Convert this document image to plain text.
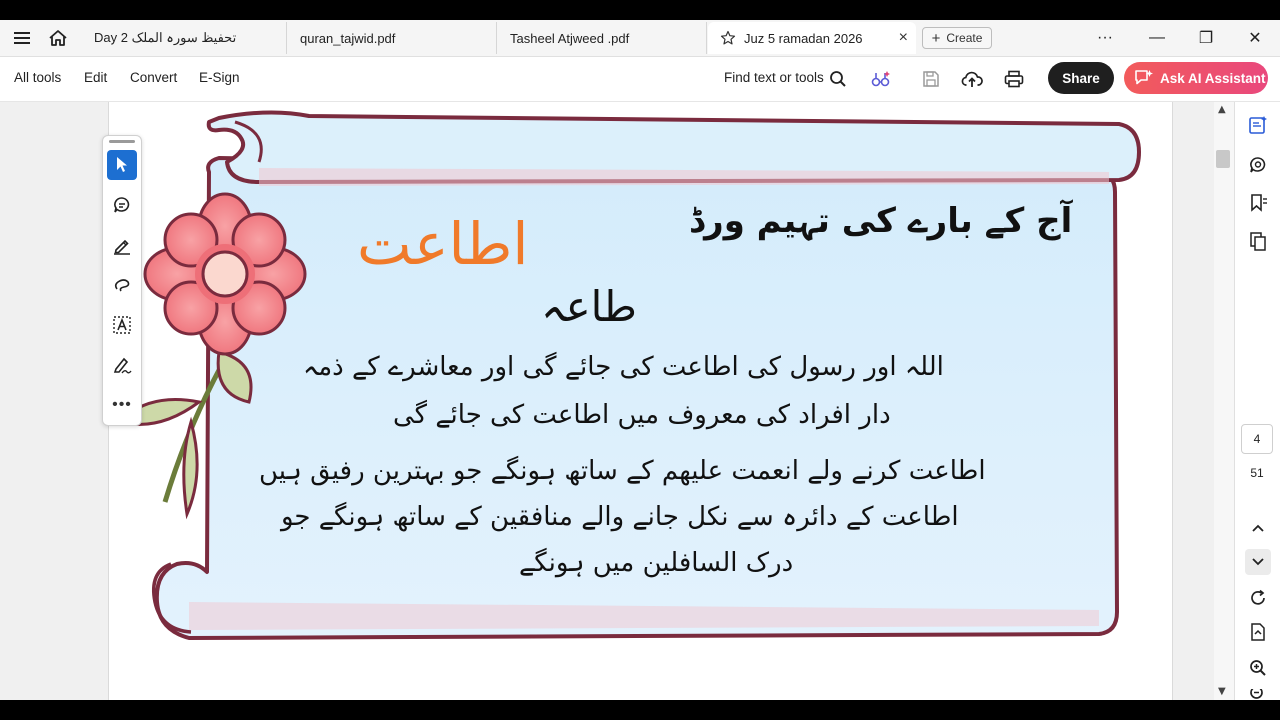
Day 2 تحفیظ سورہ الملک	quran_tajwid.pdf	Tasheel Atjweed .pdf	Juz 5 ramadan 2026 × + Create	···	—	❐	✕
All tools Edit Convert E-Sign	Find text or tools	Share	Ask AI Assistant
آج کے بارے کی تہیم ورڈ
اطاعت
طاعہ
اللہ اور رسول کی اطاعت کی جائے گی اور معاشرے کے ذمہ
دار افراد کی معروف میں اطاعت کی جائے گی
اطاعت کرنے ولے انعمت علیھم کے ساتھ ہونگے جو بہترین رفیق ہیں
اطاعت کے دائرہ سے نکل جانے والے منافقین کے ساتھ ہونگے جو
درک السافلین میں ہونگے
•••
▲
▼
4
51
